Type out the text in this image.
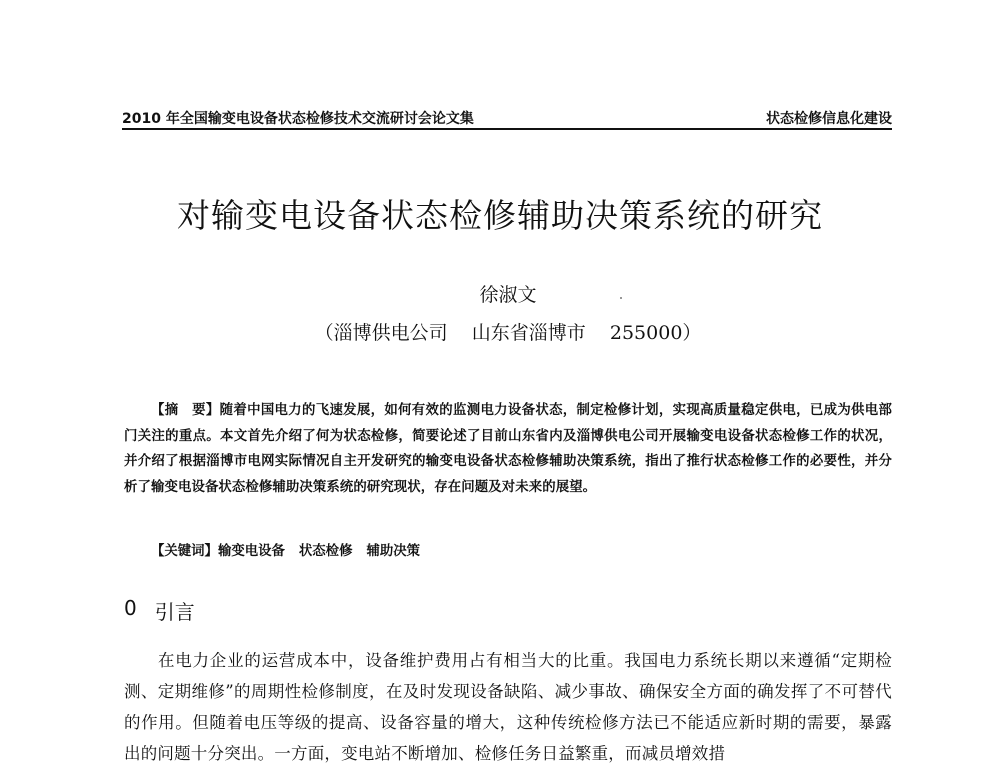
2010 年全国输变电设备状态检修技术交流研讨会论文集	状态检修信息化建设
对输变电设备状态检修辅助决策系统的研究
徐淑文
（淄博供电公司    山东省淄博市    255000）
【摘　要】随着中国电力的飞速发展，如何有效的监测电力设备状态，制定检修计划，实现高质量稳定供电，已成为供电部门关注的重点。本文首先介绍了何为状态检修，简要论述了目前山东省内及淄博供电公司开展输变电设备状态检修工作的状况，并介绍了根据淄博市电网实际情况自主开发研究的输变电设备状态检修辅助决策系统，指出了推行状态检修工作的必要性，并分析了输变电设备状态检修辅助决策系统的研究现状，存在问题及对未来的展望。
【关键词】输变电设备   状态检修   辅助决策
0 引言
在电力企业的运营成本中，设备维护费用占有相当大的比重。我国电力系统长期以来遵循“定期检测、定期维修”的周期性检修制度，在及时发现设备缺陷、减少事故、确保安全方面的确发挥了不可替代的作用。但随着电压等级的提高、设备容量的增大，这种传统检修方法已不能适应新时期的需要，暴露出的问题十分突出。一方面，变电站不断增加、检修任务日益繁重，而减员增效措
